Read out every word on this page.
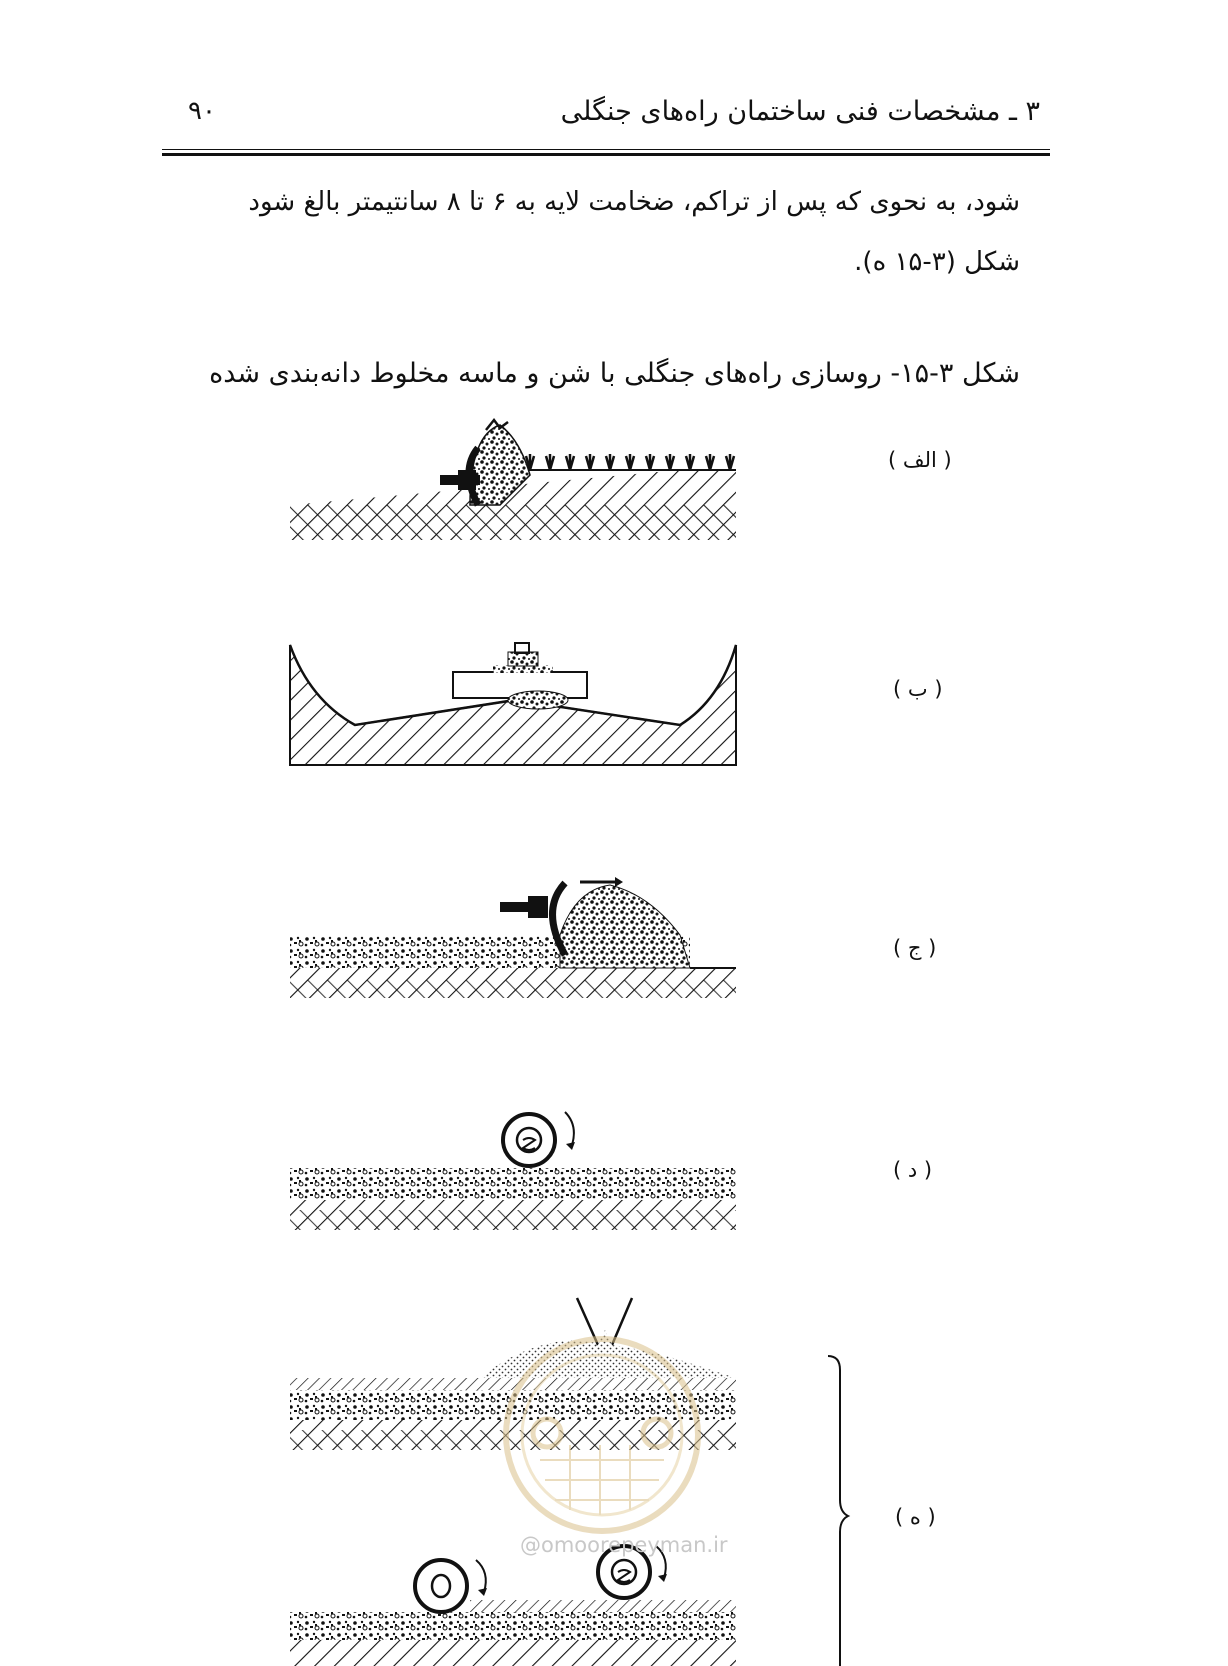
۹۰	۳ ـ مشخصات فنی ساختمان راه‌های جنگلی
شود، به نحوی که پس از تراکم، ضخامت لایه به ۶ تا ۸ سانتیمتر بالغ شود
شکل (۳-۱۵ ه).
شکل ۳-۱۵- روسازی راه‌های جنگلی با شن و ماسه مخلوط دانه‌بندی شده
( الف )
( ب )
( ج )
( د )
( ه )
@omoorepeyman.ir
